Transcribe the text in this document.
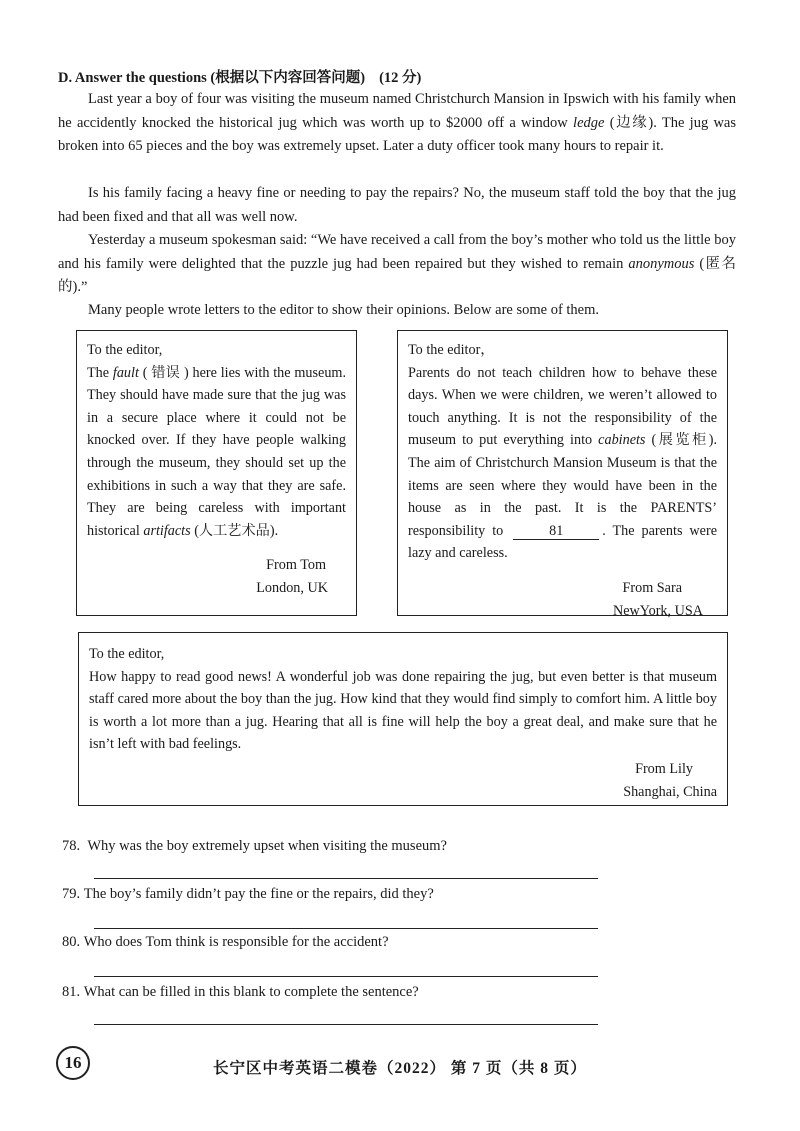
D. Answer the questions (根据以下内容回答问题) (12 分)
Last year a boy of four was visiting the museum named Christchurch Mansion in Ipswich with his family when he accidently knocked the historical jug which was worth up to $2000 off a window ledge (边缘). The jug was broken into 65 pieces and the boy was extremely upset. Later a duty officer took many hours to repair it.
Is his family facing a heavy fine or needing to pay the repairs? No, the museum staff told the boy that the jug had been fixed and that all was well now.
Yesterday a museum spokesman said: “We have received a call from the boy’s mother who told us the little boy and his family were delighted that the puzzle jug had been repaired but they wished to remain anonymous (匿名的).”
Many people wrote letters to the editor to show their opinions. Below are some of them.
To the editor,
The fault ( 错误 ) here lies with the museum. They should have made sure that the jug was in a secure place where it could not be knocked over. If they have people walking through the museum, they should set up the exhibitions in such a way that they are safe. They are being careless with important historical artifacts (人工艺术品).
From Tom
London, UK
To the editor，
Parents do not teach children how to behave these days. When we were children, we weren’t allowed to touch anything. It is not the responsibility of the museum to put everything into cabinets (展览柜). The aim of Christchurch Mansion Museum is that the items are seen where they would have been in the house as in the past. It is the PARENTS’ responsibility to	81	. The parents were lazy and careless.
From Sara
NewYork, USA
To the editor,
How happy to read good news! A wonderful job was done repairing the jug, but even better is that museum staff cared more about the boy than the jug. How kind that they would find simply to comfort him. A little boy is worth a lot more than a jug. Hearing that all is fine will help the boy a great deal, and make sure that he isn’t left with bad feelings.
From Lily
Shanghai, China
78. Why was the boy extremely upset when visiting the museum?
79. The boy’s family didn’t pay the fine or the repairs, did they?
80. Who does Tom think is responsible for the accident?
81. What can be filled in this blank to complete the sentence?
16	长宁区中考英语二模卷（2022） 第 7 页（共 8 页）
